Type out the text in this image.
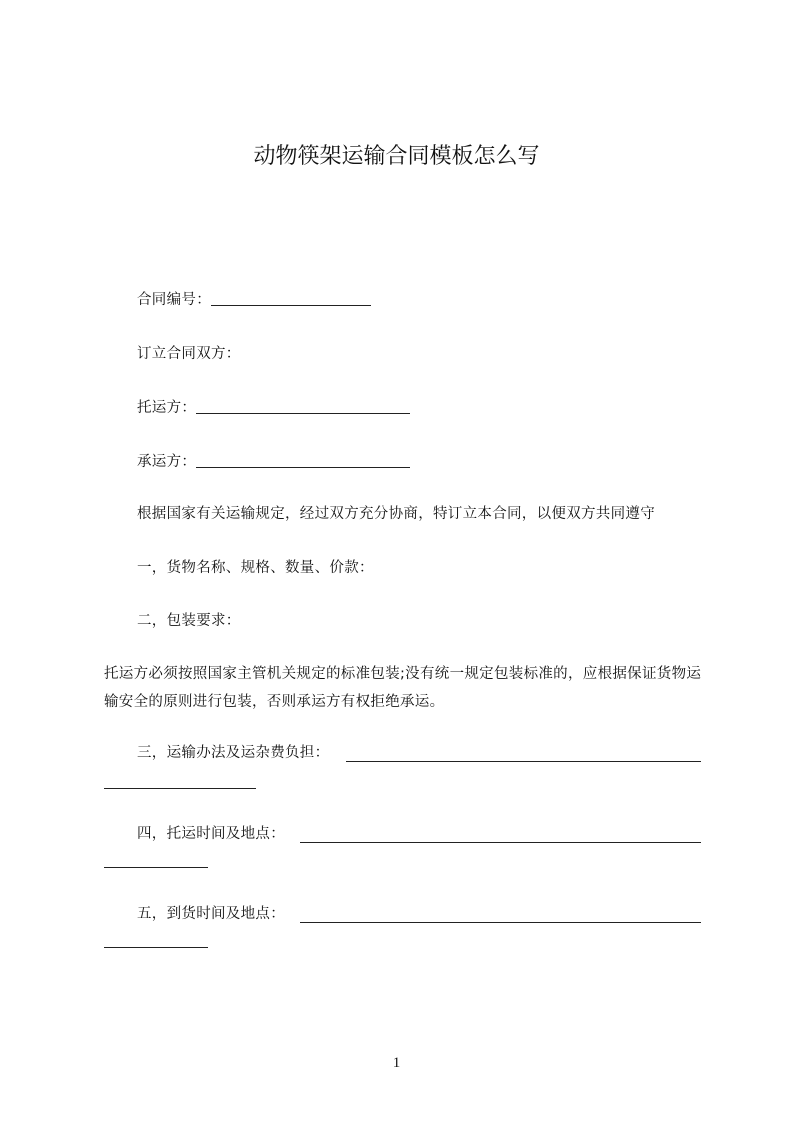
动物筷架运输合同模板怎么写
合同编号：
订立合同双方：
托运方：
承运方：
根据国家有关运输规定，经过双方充分协商，特订立本合同，以便双方共同遵守
一，货物名称、规格、数量、价款：
二，包装要求：
托运方必须按照国家主管机关规定的标准包装;没有统一规定包装标准的，应根据保证货物运输安全的原则进行包装，否则承运方有权拒绝承运。
三，运输办法及运杂费负担：
四，托运时间及地点：
五，到货时间及地点：
1
